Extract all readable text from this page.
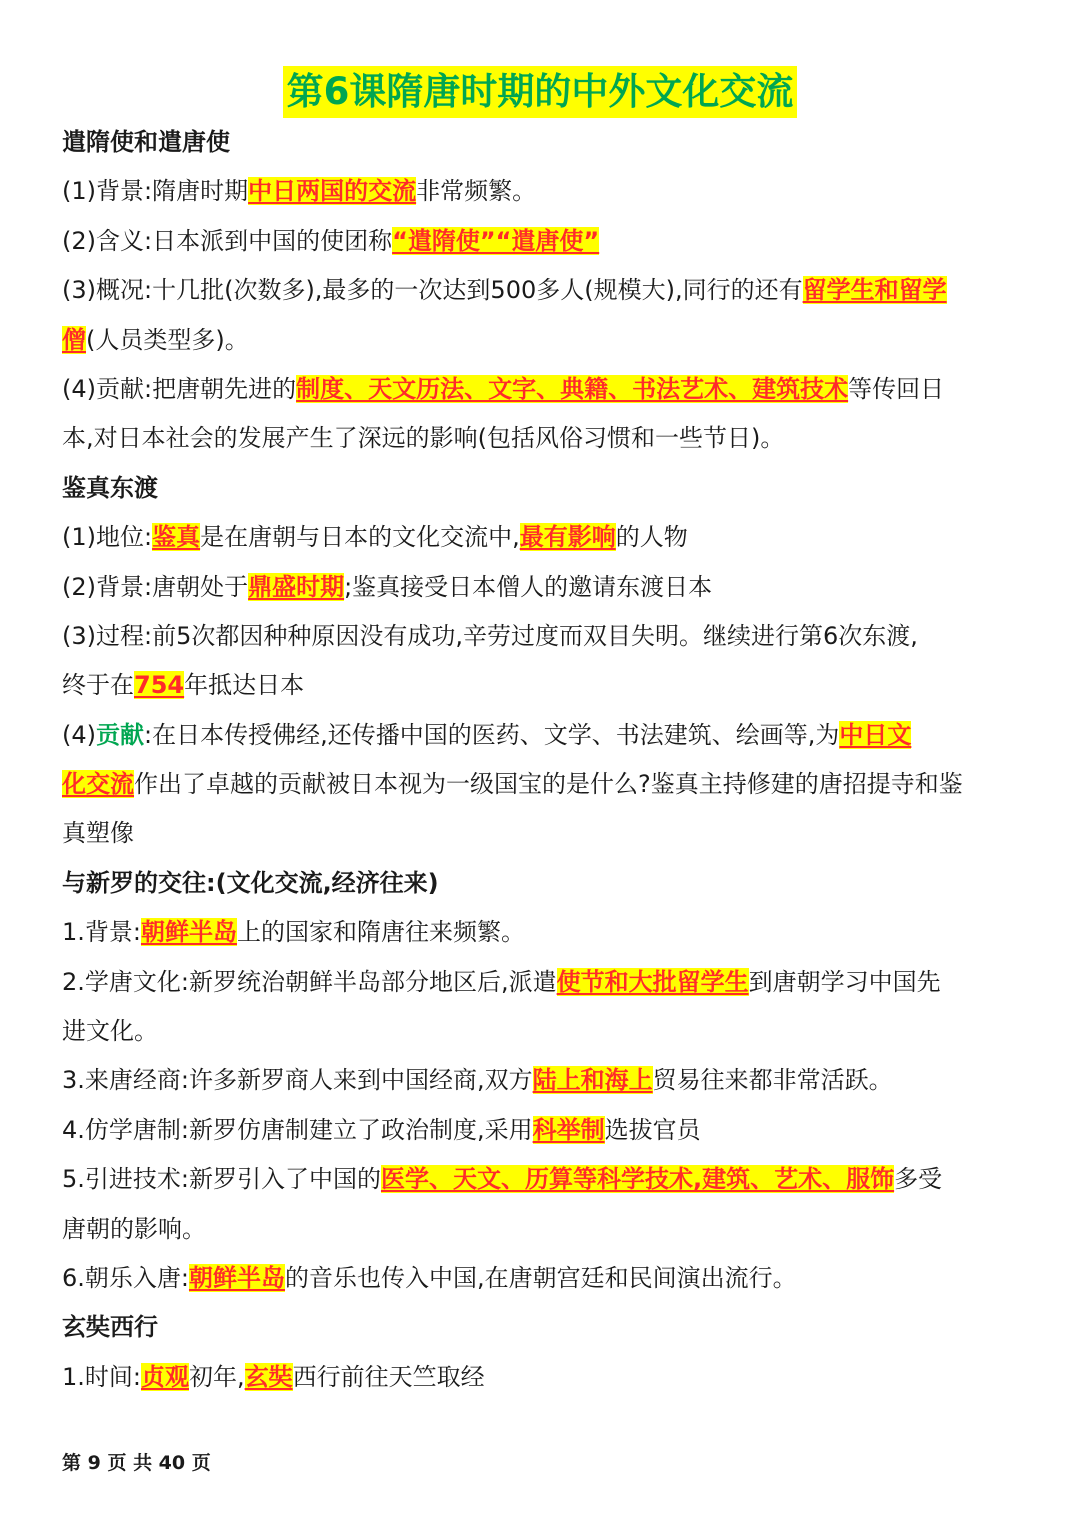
第6课隋唐时期的中外文化交流
遣隋使和遣唐使
(1)背景:隋唐时期中日两国的交流非常频繁。
(2)含义:日本派到中国的使团称“遣隋使”“遣唐使”
(3)概况:十几批(次数多),最多的一次达到500多人(规模大),同行的还有留学生和留学
僧(人员类型多)。
(4)贡献:把唐朝先进的制度、天文历法、文字、典籍、书法艺术、建筑技术等传回日
本,对日本社会的发展产生了深远的影响(包括风俗习惯和一些节日)。
鉴真东渡
(1)地位:鉴真是在唐朝与日本的文化交流中,最有影响的人物
(2)背景:唐朝处于鼎盛时期;鉴真接受日本僧人的邀请东渡日本
(3)过程:前5次都因种种原因没有成功,辛劳过度而双目失明。继续进行第6次东渡,
终于在754年抵达日本
(4)贡献:在日本传授佛经,还传播中国的医药、文学、书法建筑、绘画等,为中日文
化交流作出了卓越的贡献被日本视为一级国宝的是什么?鉴真主持修建的唐招提寺和鉴
真塑像
与新罗的交往:(文化交流,经济往来)
1.背景:朝鲜半岛上的国家和隋唐往来频繁。
2.学唐文化:新罗统治朝鲜半岛部分地区后,派遣使节和大批留学生到唐朝学习中国先
进文化。
3.来唐经商:许多新罗商人来到中国经商,双方陆上和海上贸易往来都非常活跃。
4.仿学唐制:新罗仿唐制建立了政治制度,采用科举制选拔官员
5.引进技术:新罗引入了中国的医学、天文、历算等科学技术,建筑、艺术、服饰多受
唐朝的影响。
6.朝乐入唐:朝鲜半岛的音乐也传入中国,在唐朝宫廷和民间演出流行。
玄奘西行
1.时间:贞观初年,玄奘西行前往天竺取经
第 9 页 共 40 页
